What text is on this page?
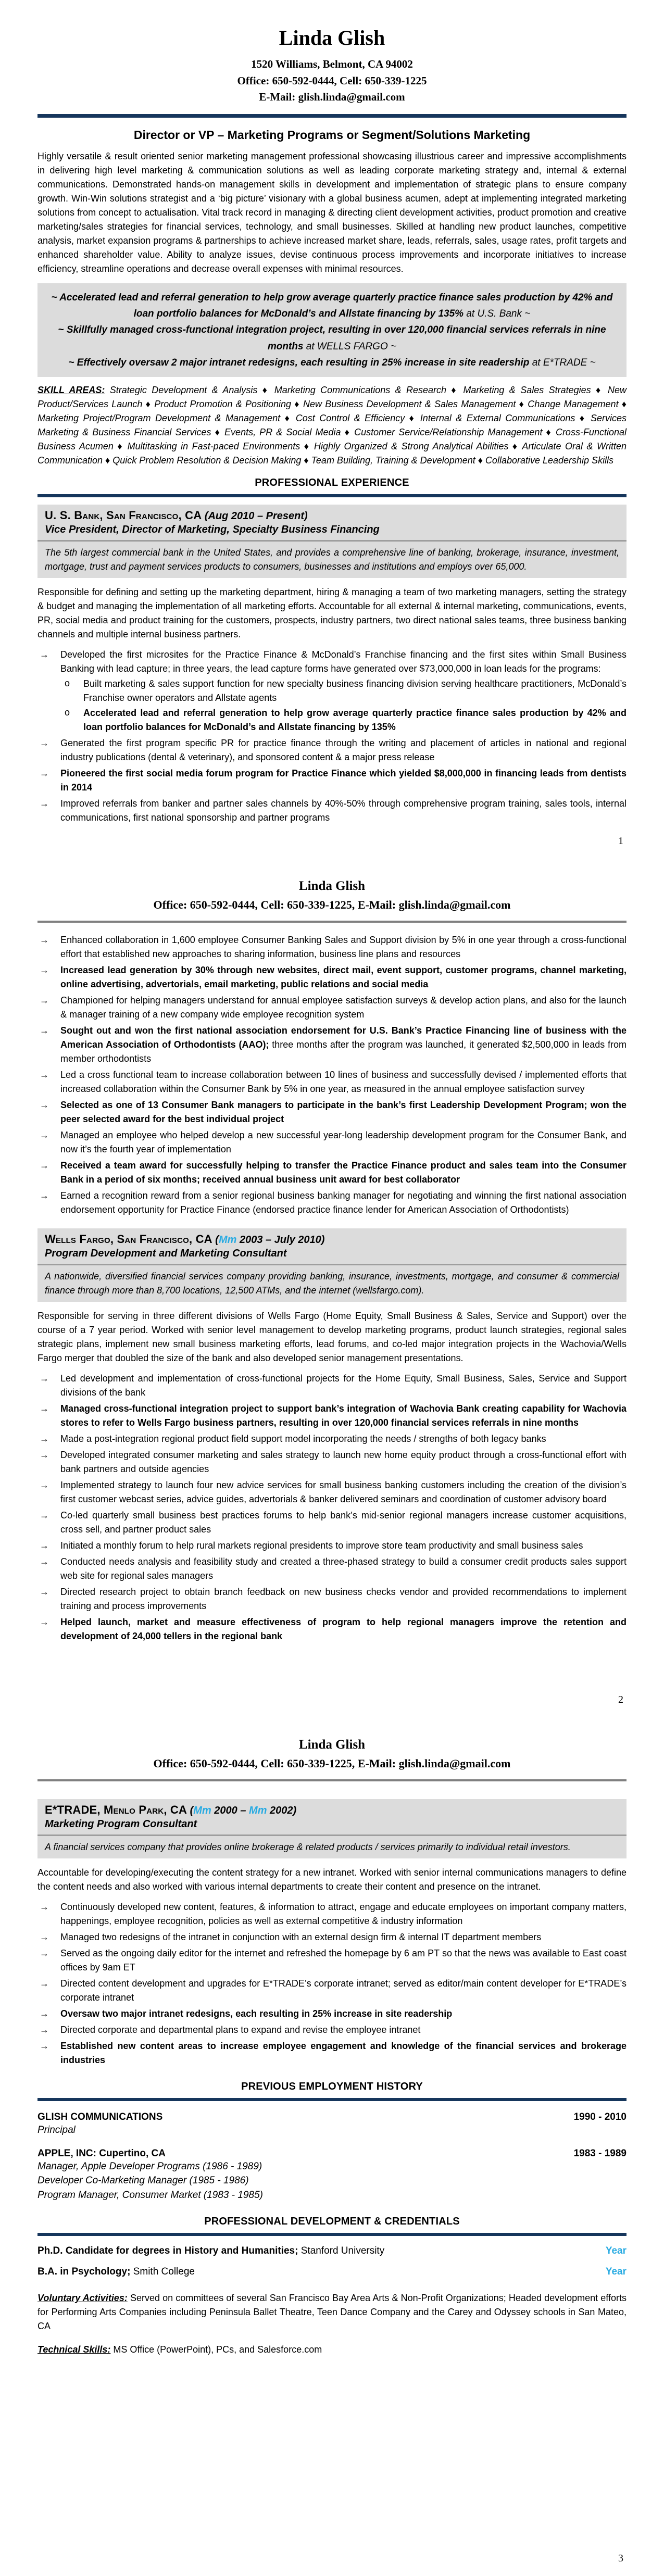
Linda Glish
1520 Williams, Belmont, CA 94002
Office: 650-592-0444, Cell: 650-339-1225
E-Mail: glish.linda@gmail.com
Director or VP – Marketing Programs or Segment/Solutions Marketing

Highly versatile & result oriented senior marketing management professional showcasing illustrious career and impressive accomplishments in delivering high level marketing & communication solutions as well as leading corporate marketing strategy and, internal & external communications. Demonstrated hands-on management skills in development and implementation of strategic plans to ensure company growth. Win-Win solutions strategist and a ‘big picture’ visionary with a global business acumen, adept at implementing integrated marketing solutions from concept to actualisation. Vital track record in managing & directing client development activities, product promotion and creative marketing/sales strategies for financial services, technology, and small businesses. Skilled at handling new product launches, competitive analysis, market expansion programs & partnerships to achieve increased market share, leads, referrals, sales, usage rates, profit targets and enhanced shareholder value. Ability to analyze issues, devise continuous process improvements and incorporate initiatives to increase efficiency, streamline operations and decrease overall expenses with minimal resources.

~ Accelerated lead and referral generation to help grow average quarterly practice finance sales production by 42% and loan portfolio balances for McDonald’s and Allstate financing by 135% at U.S. Bank ~
~ Skillfully managed cross-functional integration project, resulting in over 120,000 financial services referrals in nine months at WELLS FARGO ~
~ Effectively oversaw 2 major intranet redesigns, each resulting in 25% increase in site readership at E*TRADE ~

SKILL AREAS: Strategic Development & Analysis ♦ Marketing Communications & Research ♦ Marketing & Sales Strategies ♦ New Product/Services Launch ♦ Product Promotion & Positioning ♦ New Business Development & Sales Management ♦ Change Management ♦ Marketing Project/Program Development & Management ♦ Cost Control & Efficiency ♦ Internal & External Communications ♦ Services Marketing & Business Financial Services ♦ Events, PR & Social Media ♦ Customer Service/Relationship Management ♦ Cross-Functional Business Acumen ♦ Multitasking in Fast-paced Environments ♦ Highly Organized & Strong Analytical Abilities ♦ Articulate Oral & Written Communication ♦ Quick Problem Resolution & Decision Making ♦ Team Building, Training & Development ♦ Collaborative Leadership Skills

PROFESSIONAL EXPERIENCE
U. S. Bank, San Francisco, CA (Aug 2010 – Present)
Vice President, Director of Marketing, Specialty Business Financing
The 5th largest commercial bank in the United States, and provides a comprehensive line of banking, brokerage, insurance, investment, mortgage, trust and payment services products to consumers, businesses and institutions and employs over 65,000.

Responsible for defining and setting up the marketing department, hiring & managing a team of two marketing managers, setting the strategy & budget and managing the implementation of all marketing efforts. Accountable for all external & internal marketing, communications, events, PR, social media and product training for the customers, prospects, industry partners, two direct national sales teams, three business banking channels and multiple internal business partners.

→ Developed the first microsites for the Practice Finance & McDonald’s Franchise financing and the first sites within Small Business Banking with lead capture; in three years, the lead capture forms have generated over $73,000,000 in loan leads for the programs:
o Built marketing & sales support function for new specialty business financing division serving healthcare practitioners, McDonald’s Franchise owner operators and Allstate agents
o Accelerated lead and referral generation to help grow average quarterly practice finance sales production by 42% and loan portfolio balances for McDonald’s and Allstate financing by 135%
→ Generated the first program specific PR for practice finance through the writing and placement of articles in national and regional industry publications (dental & veterinary), and sponsored content & a major press release
→ Pioneered the first social media forum program for Practice Finance which yielded $8,000,000 in financing leads from dentists in 2014
→ Improved referrals from banker and partner sales channels by 40%-50% through comprehensive program training, sales tools, internal communications, first national sponsorship and partner programs
1
Linda Glish
Office: 650-592-0444, Cell: 650-339-1225, E-Mail: glish.linda@gmail.com
→ Enhanced collaboration in 1,600 employee Consumer Banking Sales and Support division by 5% in one year through a cross-functional effort that established new approaches to sharing information, business line plans and resources
→ Increased lead generation by 30% through new websites, direct mail, event support, customer programs, channel marketing, online advertising, advertorials, email marketing, public relations and social media
→ Championed for helping managers understand for annual employee satisfaction surveys & develop action plans, and also for the launch & manager training of a new company wide employee recognition system
→ Sought out and won the first national association endorsement for U.S. Bank’s Practice Financing line of business with the American Association of Orthodontists (AAO); three months after the program was launched, it generated $2,500,000 in leads from member orthodontists
→ Led a cross functional team to increase collaboration between 10 lines of business and successfully devised / implemented efforts that increased collaboration within the Consumer Bank by 5% in one year, as measured in the annual employee satisfaction survey
→ Selected as one of 13 Consumer Bank managers to participate in the bank’s first Leadership Development Program; won the peer selected award for the best individual project
→ Managed an employee who helped develop a new successful year-long leadership development program for the Consumer Bank, and now it’s the fourth year of implementation
→ Received a team award for successfully helping to transfer the Practice Finance product and sales team into the Consumer Bank in a period of six months; received annual business unit award for best collaborator
→ Earned a recognition reward from a senior regional business banking manager for negotiating and winning the first national association endorsement opportunity for Practice Finance (endorsed practice finance lender for American Association of Orthodontists)
Wells Fargo, San Francisco, CA (Mm 2003 – July 2010)
Program Development and Marketing Consultant
A nationwide, diversified financial services company providing banking, insurance, investments, mortgage, and consumer & commercial finance through more than 8,700 locations, 12,500 ATMs, and the internet (wellsfargo.com).

Responsible for serving in three different divisions of Wells Fargo (Home Equity, Small Business & Sales, Service and Support) over the course of a 7 year period. Worked with senior level management to develop marketing programs, product launch strategies, regional sales strategic plans, implement new small business marketing efforts, lead forums, and co-led major integration projects in the Wachovia/Wells Fargo merger that doubled the size of the bank and also developed senior management presentations.

→ Led development and implementation of cross-functional projects for the Home Equity, Small Business, Sales, Service and Support divisions of the bank
→ Managed cross-functional integration project to support bank’s integration of Wachovia Bank creating capability for Wachovia stores to refer to Wells Fargo business partners, resulting in over 120,000 financial services referrals in nine months
→ Made a post-integration regional product field support model incorporating the needs / strengths of both legacy banks
→ Developed integrated consumer marketing and sales strategy to launch new home equity product through a cross-functional effort with bank partners and outside agencies
→ Implemented strategy to launch four new advice services for small business banking customers including the creation of the division’s first customer webcast series, advice guides, advertorials & banker delivered seminars and coordination of customer advisory board
→ Co-led quarterly small business best practices forums to help bank’s mid-senior regional managers increase customer acquisitions, cross sell, and partner product sales
→ Initiated a monthly forum to help rural markets regional presidents to improve store team productivity and small business sales
→ Conducted needs analysis and feasibility study and created a three-phased strategy to build a consumer credit products sales support web site for regional sales managers
→ Directed research project to obtain branch feedback on new business checks vendor and provided recommendations to implement training and process improvements
→ Helped launch, market and measure effectiveness of program to help regional managers improve the retention and development of 24,000 tellers in the regional bank
2
Linda Glish
Office: 650-592-0444, Cell: 650-339-1225, E-Mail: glish.linda@gmail.com
E*TRADE, Menlo Park, CA (Mm 2000 – Mm 2002)
Marketing Program Consultant
A financial services company that provides online brokerage & related products / services primarily to individual retail investors.

Accountable for developing/executing the content strategy for a new intranet. Worked with senior internal communications managers to define the content needs and also worked with various internal departments to create their content and presence on the intranet.

→ Continuously developed new content, features, & information to attract, engage and educate employees on important company matters, happenings, employee recognition, policies as well as external competitive & industry information
→ Managed two redesigns of the intranet in conjunction with an external design firm & internal IT department members
→ Served as the ongoing daily editor for the internet and refreshed the homepage by 6 am PT so that the news was available to East coast offices by 9am ET
→ Directed content development and upgrades for E*TRADE’s corporate intranet; served as editor/main content developer for E*TRADE’s corporate intranet
→ Oversaw two major intranet redesigns, each resulting in 25% increase in site readership
→ Directed corporate and departmental plans to expand and revise the employee intranet
→ Established new content areas to increase employee engagement and knowledge of the financial services and brokerage industries
PREVIOUS EMPLOYMENT HISTORY
GLISH COMMUNICATIONS	1990 - 2010
Principal
APPLE, INC: Cupertino, CA	1983 - 1989
Manager, Apple Developer Programs (1986 - 1989)
Developer Co-Marketing Manager (1985 - 1986)
Program Manager, Consumer Market (1983 - 1985)
PROFESSIONAL DEVELOPMENT & CREDENTIALS
Ph.D. Candidate for degrees in History and Humanities; Stanford University	Year
B.A. in Psychology; Smith College	Year

Voluntary Activities: Served on committees of several San Francisco Bay Area Arts & Non-Profit Organizations; Headed development efforts for Performing Arts Companies including Peninsula Ballet Theatre, Teen Dance Company and the Carey and Odyssey schools in San Mateo, CA

Technical Skills: MS Office (PowerPoint), PCs, and Salesforce.com

3
